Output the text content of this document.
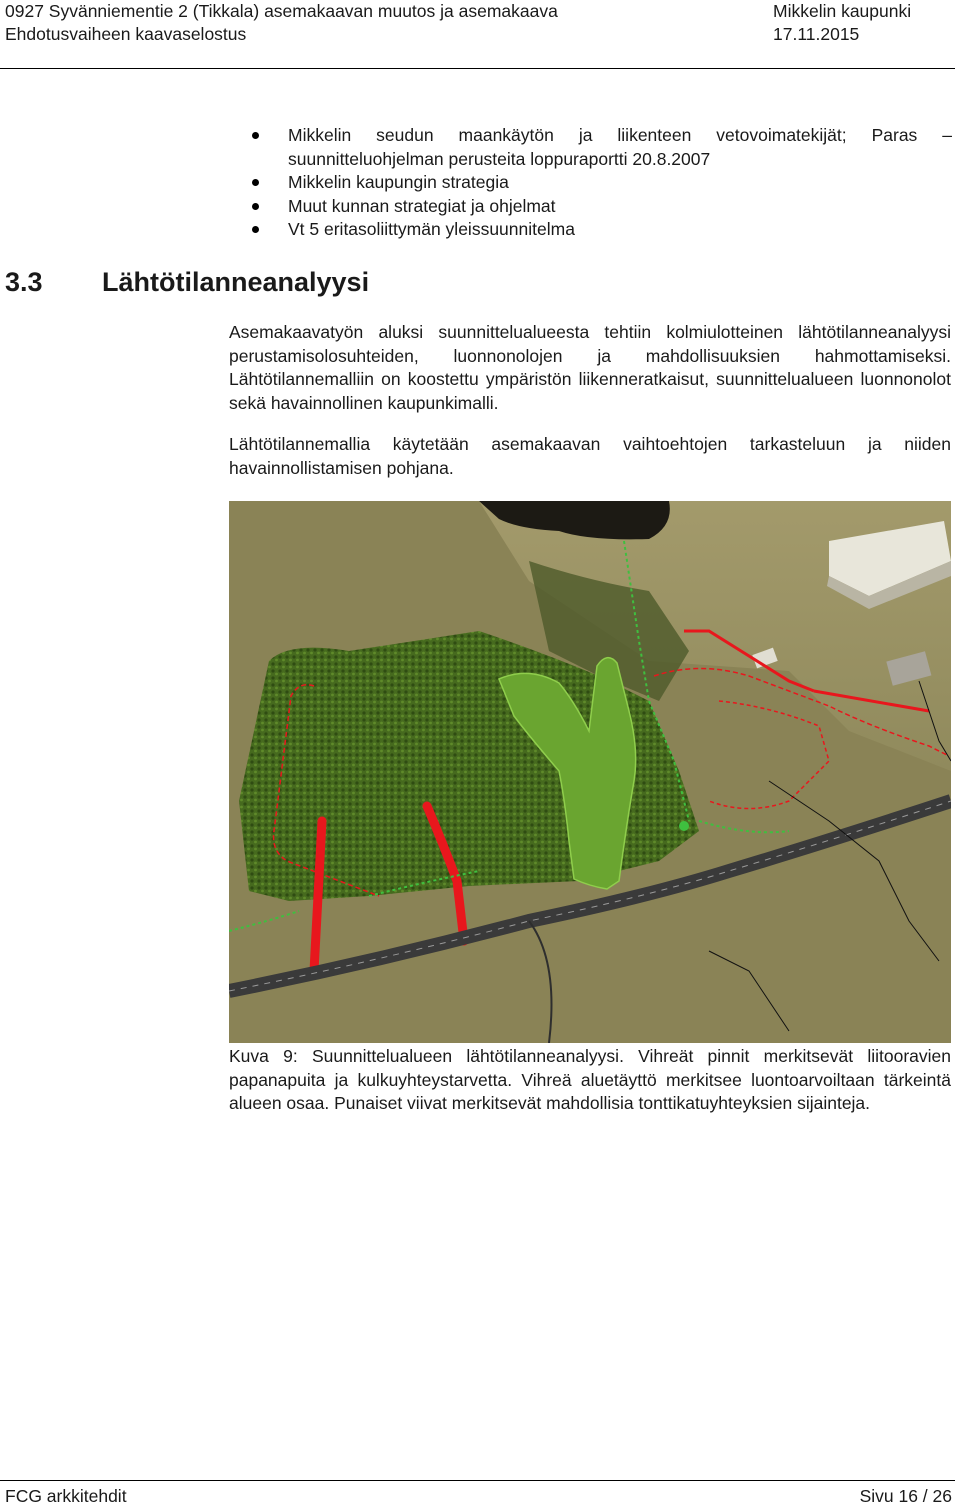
0927 Syvänniementie 2 (Tikkala) asemakaavan muutos ja asemakaava
Ehdotusvaiheen kaavaselostus
Mikkelin kaupunki
17.11.2015
Mikkelin seudun maankäytön ja liikenteen vetovoimatekijät; Paras – suunnitteluohjelman perusteita loppuraportti 20.8.2007
Mikkelin kaupungin strategia
Muut kunnan strategiat ja ohjelmat
Vt 5 eritasoliittymän yleissuunnitelma
3.3 Lähtötilanneanalyysi

Asemakaavatyön aluksi suunnittelualueesta tehtiin kolmiulotteinen lähtötilanneanalyysi perustamisolosuhteiden, luonnonolojen ja mahdollisuuksien hahmottamiseksi. Lähtötilannemalliin on koostettu ympäristön liikenneratkaisut, suunnittelualueen luonnonolot sekä havainnollinen kaupunkimalli.

Lähtötilannemallia käytetään asemakaavan vaihtoehtojen tarkasteluun ja niiden havainnollistamisen pohjana.

Kuva 9: Suunnittelualueen lähtötilanneanalyysi. Vihreät pinnit merkitsevät liitooravien papanapuita ja kulkuyhteystarvetta. Vihreä aluetäyttö merkitsee luontoarvoiltaan tärkeintä alueen osaa. Punaiset viivat merkitsevät mahdollisia tonttikatuyhteyksien sijainteja.

FCG arkkitehdit	Sivu 16 / 26
